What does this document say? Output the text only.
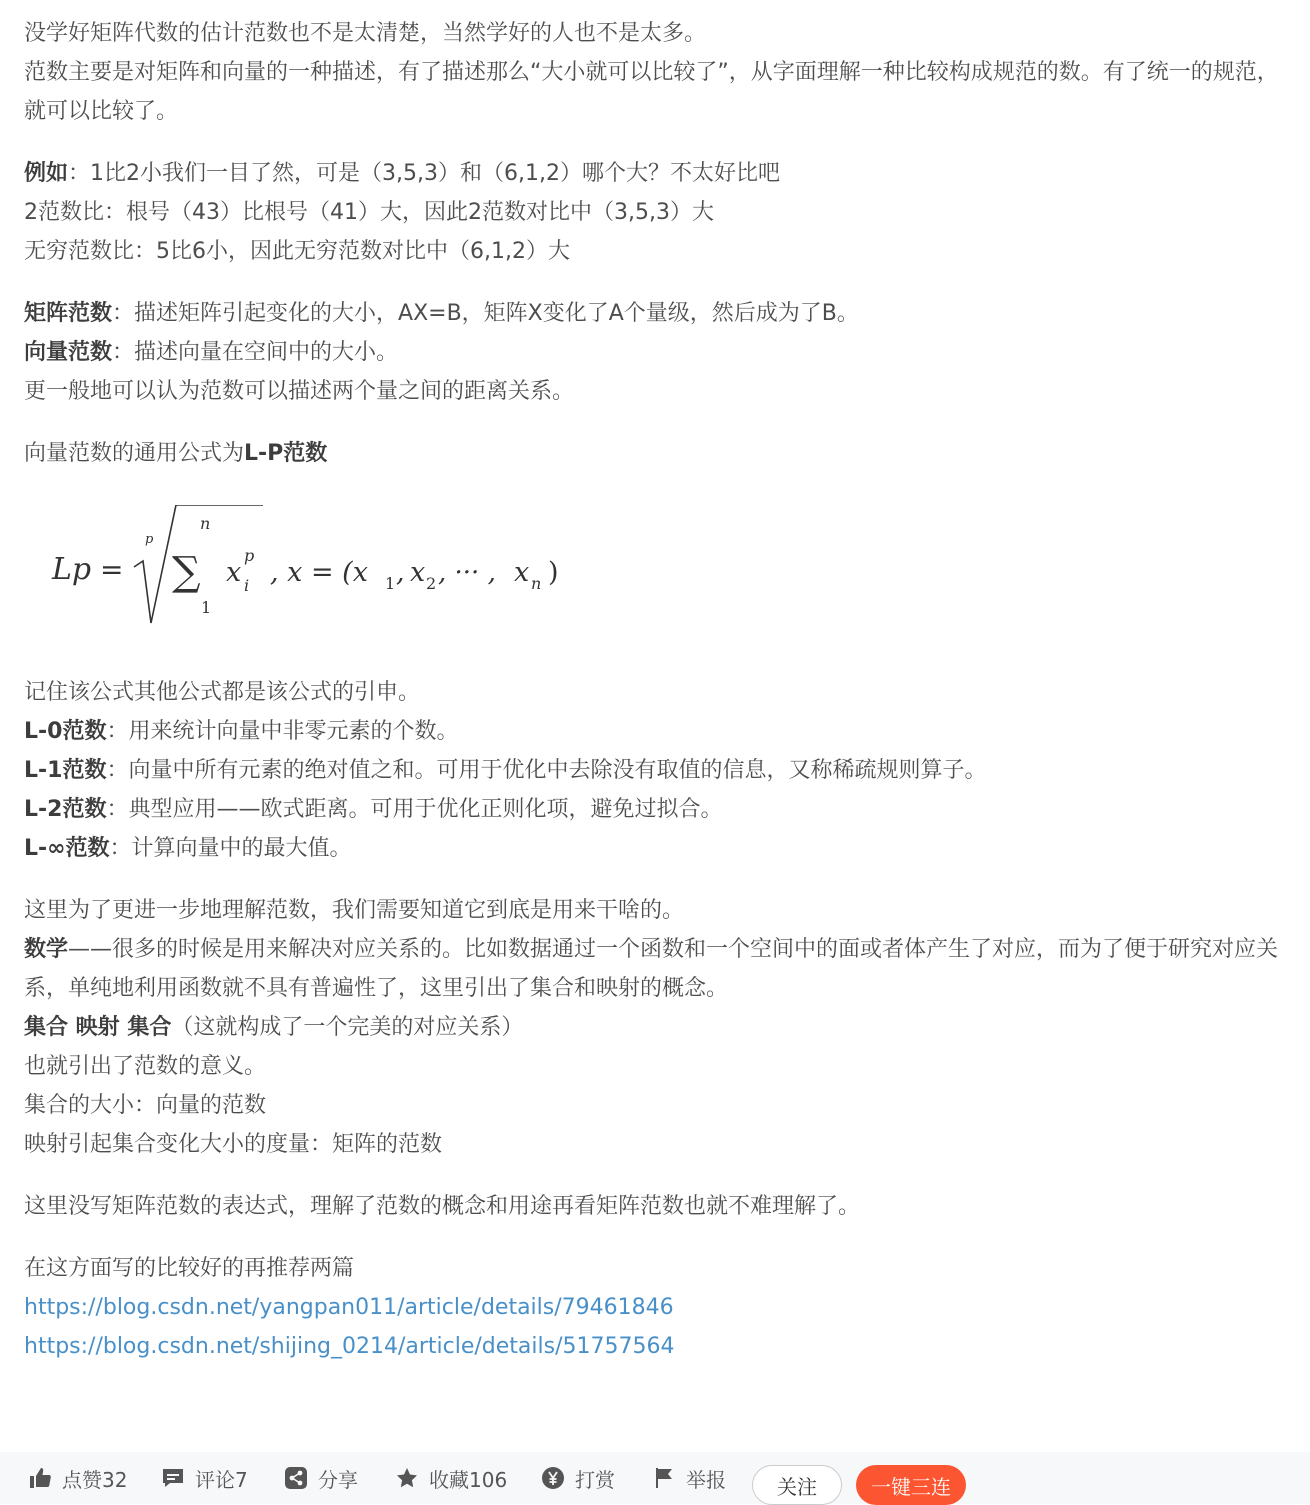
没学好矩阵代数的估计范数也不是太清楚，当然学好的人也不是太多。

范数主要是对矩阵和向量的一种描述，有了描述那么“大小就可以比较了”，从字面理解一种比较构成规范的数。有了统一的规范，就可以比较了。

例如：1比2小我们一目了然，可是（3,5,3）和（6,1,2）哪个大？不太好比吧

2范数比：根号（43）比根号（41）大，因此2范数对比中（3,5,3）大

无穷范数比：5比6小，因此无穷范数对比中（6,1,2）大

矩阵范数：描述矩阵引起变化的大小，AX=B，矩阵X变化了A个量级，然后成为了B。

向量范数：描述向量在空间中的大小。

更一般地可以认为范数可以描述两个量之间的距离关系。

向量范数的通用公式为L-P范数

Lp =
p
n
∑
1
x
p
i , x = (x 1 , x 2 , ··· , x n )

记住该公式其他公式都是该公式的引申。

L-0范数：用来统计向量中非零元素的个数。

L-1范数：向量中所有元素的绝对值之和。可用于优化中去除没有取值的信息，又称稀疏规则算子。

L-2范数：典型应用——欧式距离。可用于优化正则化项，避免过拟合。

L-∞范数：计算向量中的最大值。

这里为了更进一步地理解范数，我们需要知道它到底是用来干啥的。

数学——很多的时候是用来解决对应关系的。比如数据通过一个函数和一个空间中的面或者体产生了对应，而为了便于研究对应关系，单纯地利用函数就不具有普遍性了，这里引出了集合和映射的概念。

集合 映射 集合（这就构成了一个完美的对应关系）

也就引出了范数的意义。

集合的大小：向量的范数

映射引起集合变化大小的度量：矩阵的范数

这里没写矩阵范数的表达式，理解了范数的概念和用途再看矩阵范数也就不难理解了。

在这方面写的比较好的再推荐两篇

https://blog.csdn.net/yangpan011/article/details/79461846
https://blog.csdn.net/shijing_0214/article/details/51757564
点赞32	评论7	分享	收藏106	打赏	举报	关注	一键三连
